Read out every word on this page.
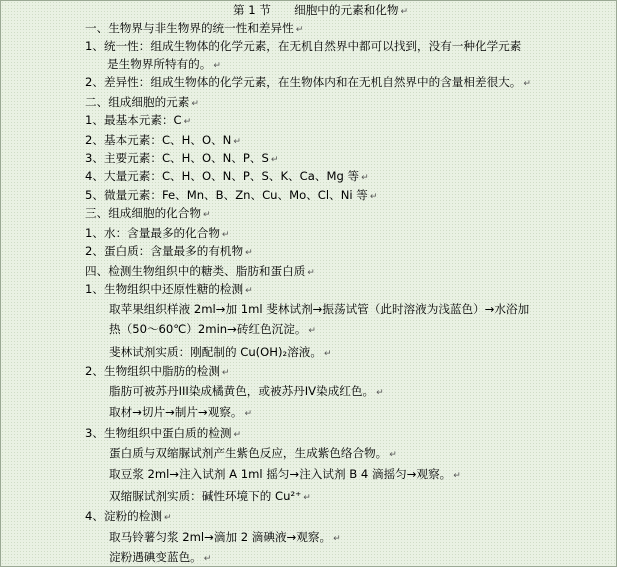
第 1 节　　细胞中的元素和化物 ↵
一、生物界与非生物界的统一性和差异性 ↵
1、统一性：组成生物体的化学元素，在无机自然界中都可以找到，没有一种化学元素
是生物界所特有的。 ↵
2、差异性：组成生物体的化学元素，在生物体内和在无机自然界中的含量相差很大。 ↵
二、组成细胞的元素 ↵
1、最基本元素：C ↵
2、基本元素：C、H、O、N ↵
3、主要元素：C、H、O、N、P、S ↵
4、大量元素：C、H、O、N、P、S、K、Ca、Mg 等 ↵
5、微量元素：Fe、Mn、B、Zn、Cu、Mo、Cl、Ni 等 ↵
三、组成细胞的化合物 ↵
1、水：含量最多的化合物 ↵
2、蛋白质：含量最多的有机物 ↵
四、检测生物组织中的糖类、脂肪和蛋白质 ↵
1、生物组织中还原性糖的检测 ↵
取苹果组织样液 2ml→加 1ml 斐林试剂→振荡试管（此时溶液为浅蓝色）→水浴加
热（50～60℃）2min→砖红色沉淀。 ↵
斐林试剂实质：刚配制的 Cu(OH)₂溶液。 ↵
2、生物组织中脂肪的检测 ↵
脂肪可被苏丹III染成橘黄色，或被苏丹IV染成红色。 ↵
取材→切片→制片→观察。 ↵
3、生物组织中蛋白质的检测 ↵
蛋白质与双缩脲试剂产生紫色反应，生成紫色络合物。 ↵
取豆浆 2ml→注入试剂 A 1ml 摇匀→注入试剂 B 4 滴摇匀→观察。 ↵
双缩脲试剂实质：碱性环境下的 Cu²⁺ ↵
4、淀粉的检测 ↵
取马铃薯匀浆 2ml→滴加 2 滴碘液→观察。 ↵
淀粉遇碘变蓝色。 ↵
